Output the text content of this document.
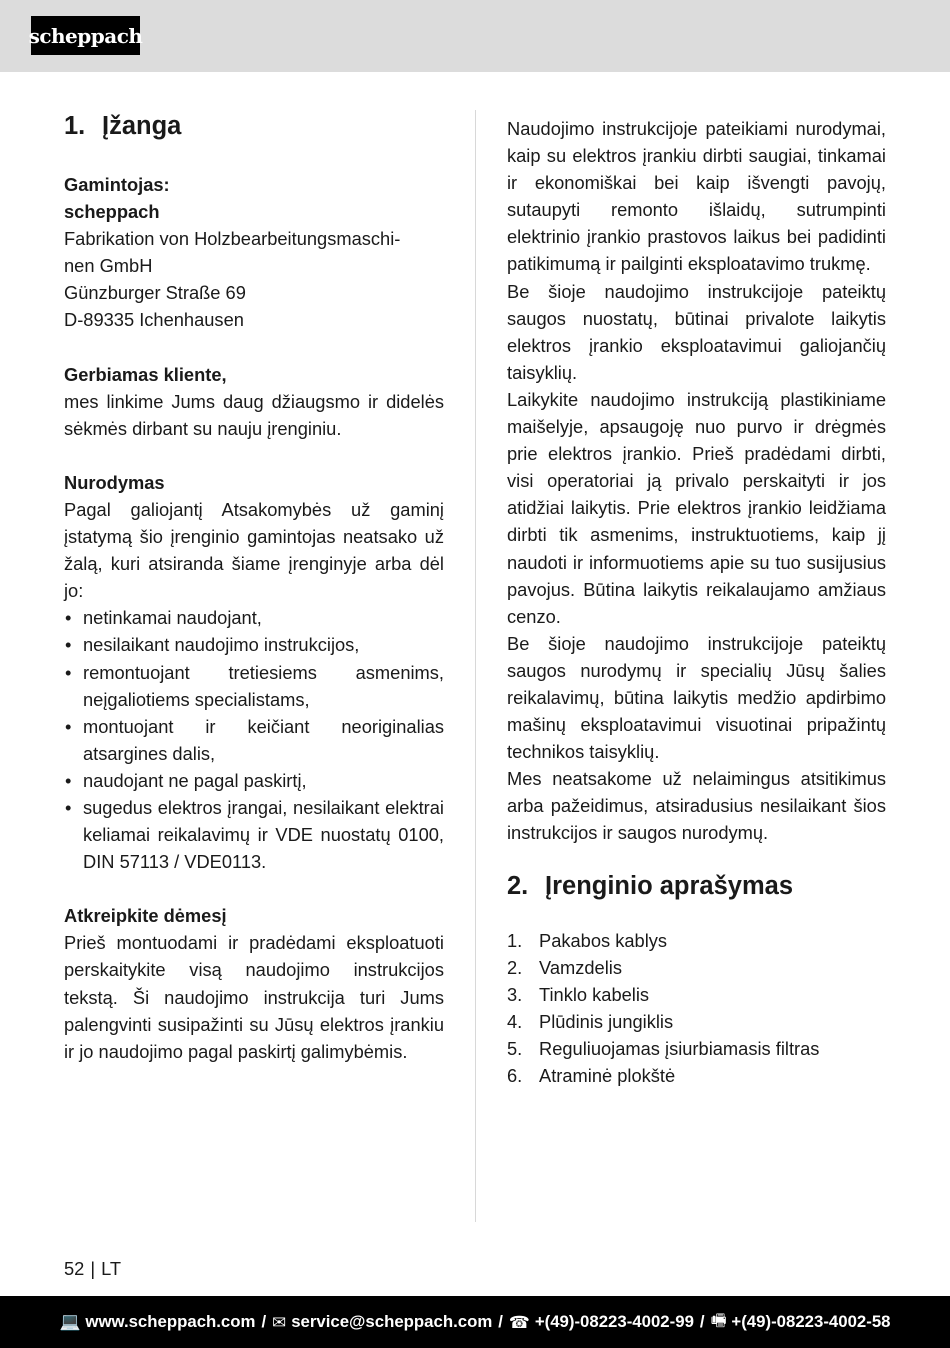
scheppach
1. Įžanga

Gamintojas:

scheppach

Fabrikation von Holzbearbeitungsmaschi-

nen GmbH

Günzburger Straße 69

D-89335 Ichenhausen

Gerbiamas kliente,

mes linkime Jums daug džiaugsmo ir didelės sėkmės dirbant su nauju įrenginiu.

Nurodymas

Pagal galiojantį Atsakomybės už gaminį įstatymą šio įrenginio gamintojas neatsako už žalą, kuri atsiranda šiame įrenginyje arba dėl jo:

• netinkamai naudojant,
• nesilaikant naudojimo instrukcijos,
• remontuojant tretiesiems asmenims, neįgaliotiems specialistams,
• montuojant ir keičiant neoriginalias atsargines dalis,
• naudojant ne pagal paskirtį,
• sugedus elektros įrangai, nesilaikant elektrai keliamai reikalavimų ir VDE nuostatų 0100, DIN 57113 / VDE0113.

Atkreipkite dėmesį

Prieš montuodami ir pradėdami eksploatuoti perskaitykite visą naudojimo instrukcijos tekstą. Ši naudojimo instrukcija turi Jums palengvinti susipažinti su Jūsų elektros įrankiu ir jo naudojimo pagal paskirtį galimybėmis.

Naudojimo instrukcijoje pateikiami nurodymai, kaip su elektros įrankiu dirbti saugiai, tinkamai ir ekonomiškai bei kaip išvengti pavojų, sutaupyti remonto išlaidų, sutrumpinti elektrinio įrankio prastovos laikus bei padidinti patikimumą ir pailginti eksploatavimo trukmę.

Be šioje naudojimo instrukcijoje pateiktų saugos nuostatų, būtinai privalote laikytis elektros įrankio eksploatavimui galiojančių taisyklių.

Laikykite naudojimo instrukciją plastikiniame maišelyje, apsaugoję nuo purvo ir drėgmės prie elektros įrankio. Prieš pradėdami dirbti, visi operatoriai ją privalo perskaityti ir jos atidžiai laikytis. Prie elektros įrankio leidžiama dirbti tik asmenims, instruktuotiems, kaip jį naudoti ir informuotiems apie su tuo susijusius pavojus. Būtina laikytis reikalaujamo amžiaus cenzo.

Be šioje naudojimo instrukcijoje pateiktų saugos nurodymų ir specialių Jūsų šalies reikalavimų, būtina laikytis medžio apdirbimo mašinų eksploatavimui visuotinai pripažintų technikos taisyklių.

Mes neatsakome už nelaimingus atsitikimus arba pažeidimus, atsiradusius nesilaikant šios instrukcijos ir saugos nurodymų.

2. Įrenginio aprašymas
1. Pakabos kablys
2. Vamzdelis
3. Tinklo kabelis
4. Plūdinis jungiklis
5. Reguliuojamas įsiurbiamasis filtras
6. Atraminė plokštė
52 | LT
💻 www.scheppach.com / ✉ service@scheppach.com / ☎ +(49)-08223-4002-99 / 🖷 +(49)-08223-4002-58
